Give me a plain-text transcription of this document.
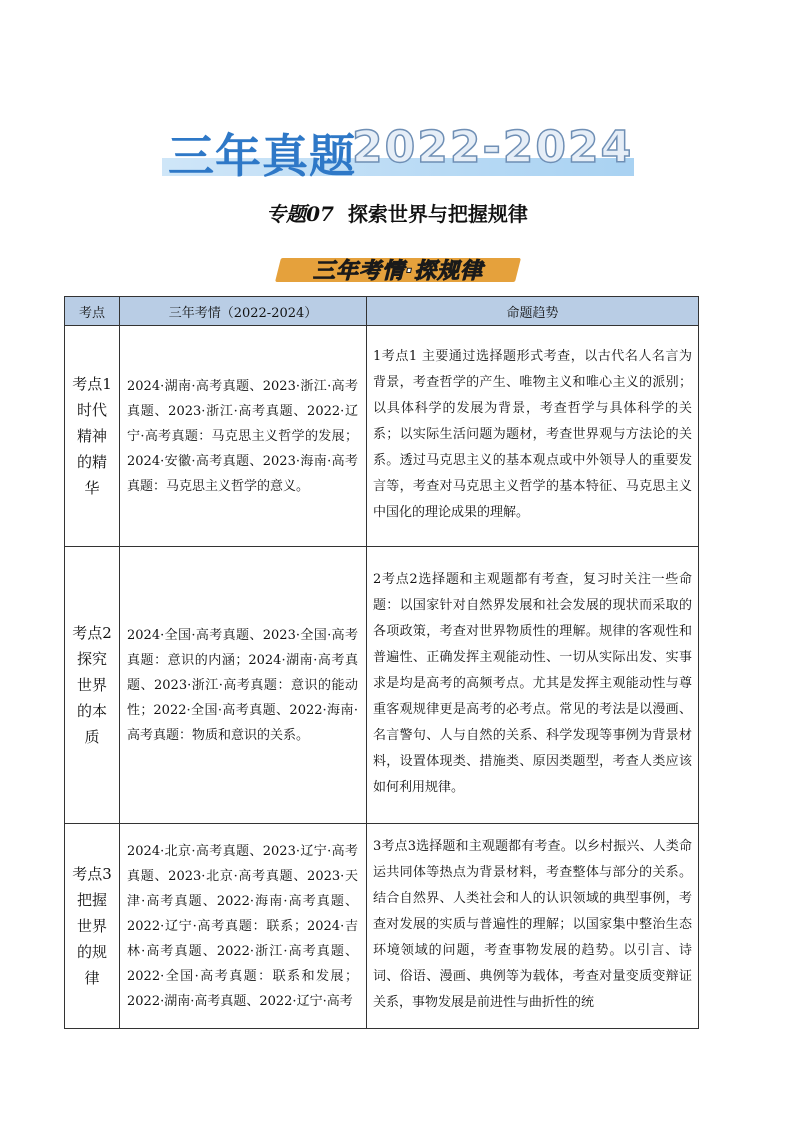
三年真题
2022-2024
专题07 探索世界与把握规律
三年考情·探规律
考点	三年考情（2022-2024）	命题趋势
考点1时代精神的精华	2024·湖南·高考真题、2023·浙江·高考真题、2023·浙江·高考真题、2022·辽宁·高考真题：马克思主义哲学的发展；2024·安徽·高考真题、2023·海南·高考真题：马克思主义哲学的意义。	1考点1 主要通过选择题形式考查，以古代名人名言为背景，考查哲学的产生、唯物主义和唯心主义的派别；以具体科学的发展为背景，考查哲学与具体科学的关系；以实际生活问题为题材，考查世界观与方法论的关系。透过马克思主义的基本观点或中外领导人的重要发言等，考查对马克思主义哲学的基本特征、马克思主义中国化的理论成果的理解。
考点2探究世界的本质	2024·全国·高考真题、2023·全国·高考真题：意识的内涵；2024·湖南·高考真题、2023·浙江·高考真题：意识的能动性；2022·全国·高考真题、2022·海南·高考真题：物质和意识的关系。	2考点2选择题和主观题都有考查，复习时关注一些命题：以国家针对自然界发展和社会发展的现状而采取的各项政策，考查对世界物质性的理解。规律的客观性和普遍性、正确发挥主观能动性、一切从实际出发、实事求是均是高考的高频考点。尤其是发挥主观能动性与尊重客观规律更是高考的必考点。常见的考法是以漫画、名言警句、人与自然的关系、科学发现等事例为背景材料，设置体现类、措施类、原因类题型，考查人类应该如何利用规律。
考点3把握世界的规律	2024·北京·高考真题、2023·辽宁·高考真题、2023·北京·高考真题、2023·天津·高考真题、2022·海南·高考真题、2022·辽宁·高考真题：联系；2024·吉林·高考真题、2022·浙江·高考真题、2022·全国·高考真题：联系和发展；2022·湖南·高考真题、2022·辽宁·高考	3考点3选择题和主观题都有考查。以乡村振兴、人类命运共同体等热点为背景材料，考查整体与部分的关系。结合自然界、人类社会和人的认识领域的典型事例，考查对发展的实质与普遍性的理解；以国家集中整治生态环境领域的问题，考查事物发展的趋势。以引言、诗词、俗语、漫画、典例等为载体，考查对量变质变辩证关系，事物发展是前进性与曲折性的统
